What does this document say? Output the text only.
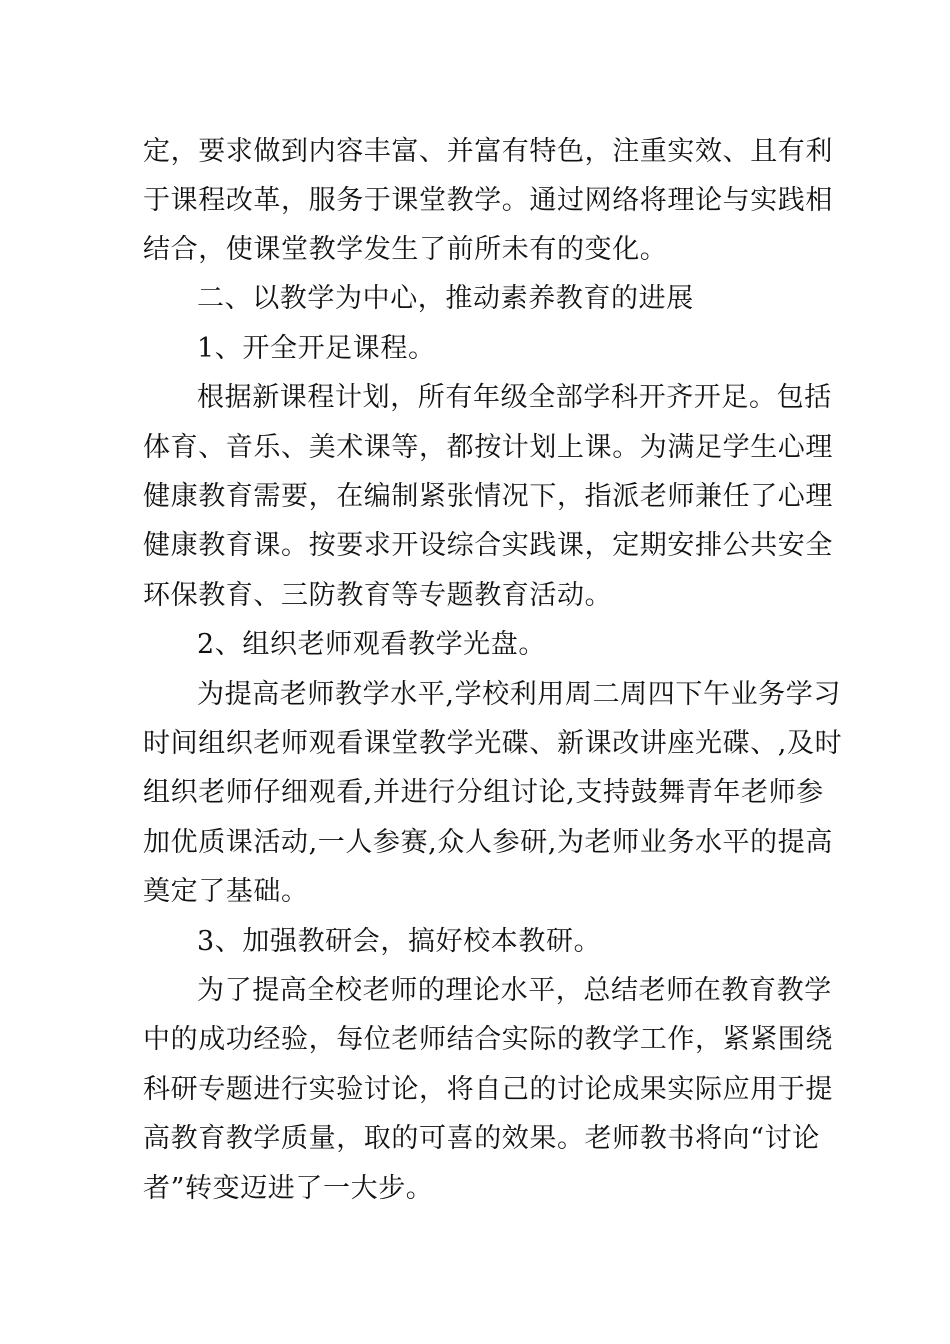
定，要求做到内容丰富、并富有特色，注重实效、且有利
于课程改革，服务于课堂教学。通过网络将理论与实践相
结合，使课堂教学发生了前所未有的变化。
二、以教学为中心，推动素养教育的进展
1、开全开足课程。
根据新课程计划，所有年级全部学科开齐开足。包括
体育、音乐、美术课等，都按计划上课。为满足学生心理
健康教育需要，在编制紧张情况下，指派老师兼任了心理
健康教育课。按要求开设综合实践课，定期安排公共安全
环保教育、三防教育等专题教育活动。
2、组织老师观看教学光盘。
为提高老师教学水平,学校利用周二周四下午业务学习
时间组织老师观看课堂教学光碟、新课改讲座光碟、,及时
组织老师仔细观看,并进行分组讨论,支持鼓舞青年老师参
加优质课活动,一人参赛,众人参研,为老师业务水平的提高
奠定了基础。
3、加强教研会，搞好校本教研。
为了提高全校老师的理论水平，总结老师在教育教学
中的成功经验，每位老师结合实际的教学工作，紧紧围绕
科研专题进行实验讨论，将自己的讨论成果实际应用于提
高教育教学质量，取的可喜的效果。老师教书将向“讨论
者”转变迈进了一大步。
